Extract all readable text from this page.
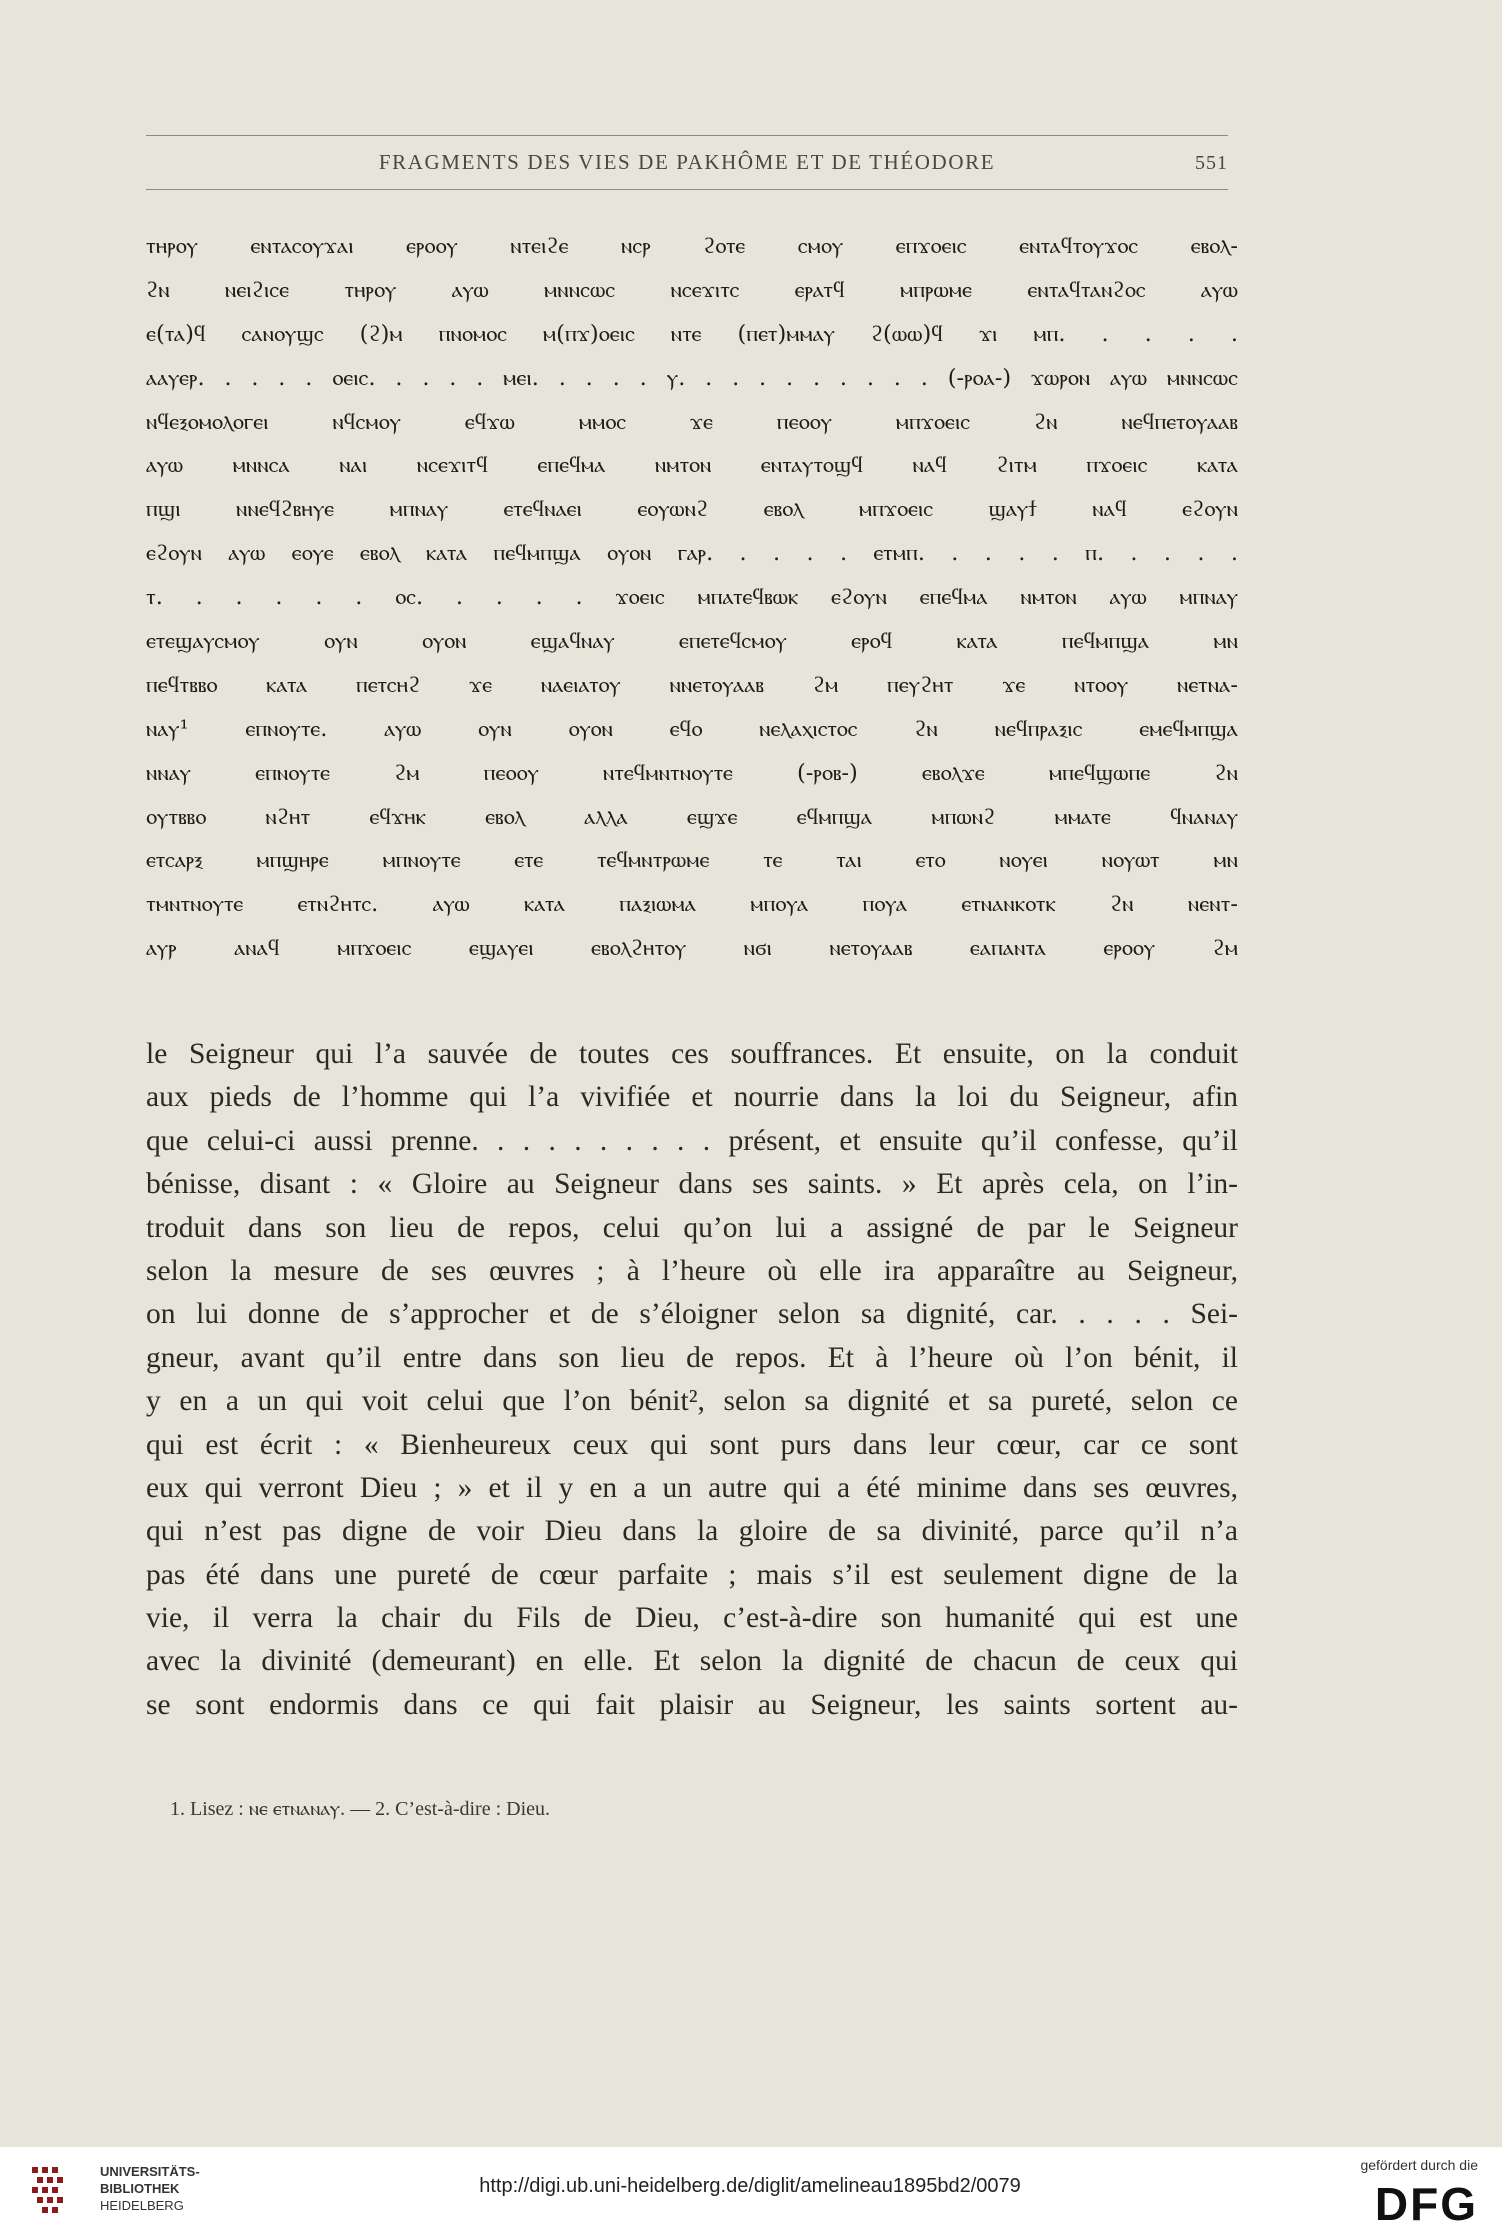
FRAGMENTS DES VIES DE PAKHÔME ET DE THÉODORE	551
ⲧⲏⲣⲟⲩ ⲉⲛⲧⲁⲥⲟⲩϫⲁⲓ ⲉⲣⲟⲟⲩ ⲛⲧⲉⲓϩⲉ ⲛⲥⲣ ϩⲟⲧⲉ ⲥⲙⲟⲩ ⲉⲡϫⲟⲉⲓⲥ ⲉⲛⲧⲁϥⲧⲟⲩϫⲟⲥ ⲉⲃⲟⲗ-
ϩⲛ ⲛⲉⲓϩⲓⲥⲉ ⲧⲏⲣⲟⲩ ⲁⲩⲱ ⲙⲛⲛⲥⲱⲥ ⲛⲥⲉϫⲓⲧⲥ ⲉⲣⲁⲧϥ ⲙⲡⲣⲱⲙⲉ ⲉⲛⲧⲁϥⲧⲁⲛϩⲟⲥ ⲁⲩⲱ
ⲉ(ⲧⲁ)ϥ ⲥⲁⲛⲟⲩϣⲥ (ϩ)ⲙ ⲡⲛⲟⲙⲟⲥ ⲙ(ⲡϫ)ⲟⲉⲓⲥ ⲛⲧⲉ (ⲡⲉⲧ)ⲙⲙⲁⲩ ϩ(ⲱⲱ)ϥ ϫⲓ ⲙⲡ. . . . .
ⲁⲁⲩⲉⲣ. . . . . ⲟⲉⲓⲥ. . . . . ⲙⲉⲓ. . . . . ⲩ. . . . . . . . . . (-ⲣⲟⲁ-) ϫⲱⲣⲟⲛ ⲁⲩⲱ ⲙⲛⲛⲥⲱⲥ
ⲛϥⲉⲝⲟⲙⲟⲗⲟⲅⲉⲓ ⲛϥⲥⲙⲟⲩ ⲉϥϫⲱ ⲙⲙⲟⲥ ϫⲉ ⲡⲉⲟⲟⲩ ⲙⲡϫⲟⲉⲓⲥ ϩⲛ ⲛⲉϥⲡⲉⲧⲟⲩⲁⲁⲃ
ⲁⲩⲱ ⲙⲛⲛⲥⲁ ⲛⲁⲓ ⲛⲥⲉϫⲓⲧϥ ⲉⲡⲉϥⲙⲁ ⲛⲙⲧⲟⲛ ⲉⲛⲧⲁⲩⲧⲟϣϥ ⲛⲁϥ ϩⲓⲧⲙ ⲡϫⲟⲉⲓⲥ ⲕⲁⲧⲁ
ⲡϣⲓ ⲛⲛⲉϥϩⲃⲏⲩⲉ ⲙⲡⲛⲁⲩ ⲉⲧⲉϥⲛⲁⲉⲓ ⲉⲟⲩⲱⲛϩ ⲉⲃⲟⲗ ⲙⲡϫⲟⲉⲓⲥ ϣⲁⲩϯ ⲛⲁϥ ⲉϩⲟⲩⲛ
ⲉϩⲟⲩⲛ ⲁⲩⲱ ⲉⲟⲩⲉ ⲉⲃⲟⲗ ⲕⲁⲧⲁ ⲡⲉϥⲙⲡϣⲁ ⲟⲩⲟⲛ ⲅⲁⲣ. . . . . ⲉⲧⲙⲡ. . . . . ⲡ. . . . .
ⲧ. . . . . . ⲟⲥ. . . . . ϫⲟⲉⲓⲥ ⲙⲡⲁⲧⲉϥⲃⲱⲕ ⲉϩⲟⲩⲛ ⲉⲡⲉϥⲙⲁ ⲛⲙⲧⲟⲛ ⲁⲩⲱ ⲙⲡⲛⲁⲩ
ⲉⲧⲉϣⲁⲩⲥⲙⲟⲩ ⲟⲩⲛ ⲟⲩⲟⲛ ⲉϣⲁϥⲛⲁⲩ ⲉⲡⲉⲧⲉϥⲥⲙⲟⲩ ⲉⲣⲟϥ ⲕⲁⲧⲁ ⲡⲉϥⲙⲡϣⲁ ⲙⲛ
ⲡⲉϥⲧⲃⲃⲟ ⲕⲁⲧⲁ ⲡⲉⲧⲥⲏϩ ϫⲉ ⲛⲁⲉⲓⲁⲧⲟⲩ ⲛⲛⲉⲧⲟⲩⲁⲁⲃ ϩⲙ ⲡⲉⲩϩⲏⲧ ϫⲉ ⲛⲧⲟⲟⲩ ⲛⲉⲧⲛⲁ-
ⲛⲁⲩ¹ ⲉⲡⲛⲟⲩⲧⲉ. ⲁⲩⲱ ⲟⲩⲛ ⲟⲩⲟⲛ ⲉϥⲟ ⲛⲉⲗⲁⲭⲓⲥⲧⲟⲥ ϩⲛ ⲛⲉϥⲡⲣⲁⲝⲓⲥ ⲉⲙⲉϥⲙⲡϣⲁ
ⲛⲛⲁⲩ ⲉⲡⲛⲟⲩⲧⲉ ϩⲙ ⲡⲉⲟⲟⲩ ⲛⲧⲉϥⲙⲛⲧⲛⲟⲩⲧⲉ (-ⲣⲟⲃ-) ⲉⲃⲟⲗϫⲉ ⲙⲡⲉϥϣⲱⲡⲉ ϩⲛ
ⲟⲩⲧⲃⲃⲟ ⲛϩⲏⲧ ⲉϥϫⲏⲕ ⲉⲃⲟⲗ ⲁⲗⲗⲁ ⲉϣϫⲉ ⲉϥⲙⲡϣⲁ ⲙⲡⲱⲛϩ ⲙⲙⲁⲧⲉ ϥⲛⲁⲛⲁⲩ
ⲉⲧⲥⲁⲣⲝ ⲙⲡϣⲏⲣⲉ ⲙⲡⲛⲟⲩⲧⲉ ⲉⲧⲉ ⲧⲉϥⲙⲛⲧⲣⲱⲙⲉ ⲧⲉ ⲧⲁⲓ ⲉⲧⲟ ⲛⲟⲩⲉⲓ ⲛⲟⲩⲱⲧ ⲙⲛ
ⲧⲙⲛⲧⲛⲟⲩⲧⲉ ⲉⲧⲛϩⲏⲧⲥ. ⲁⲩⲱ ⲕⲁⲧⲁ ⲡⲁⲝⲓⲱⲙⲁ ⲙⲡⲟⲩⲁ ⲡⲟⲩⲁ ⲉⲧⲛⲁⲛⲕⲟⲧⲕ ϩⲛ ⲛⲉⲛⲧ-
ⲁⲩⲣ ⲁⲛⲁϥ ⲙⲡϫⲟⲉⲓⲥ ⲉϣⲁⲩⲉⲓ ⲉⲃⲟⲗϩⲏⲧⲟⲩ ⲛϭⲓ ⲛⲉⲧⲟⲩⲁⲁⲃ ⲉⲁⲡⲁⲛⲧⲁ ⲉⲣⲟⲟⲩ ϩⲙ
le Seigneur qui l’a sauvée de toutes ces souffrances. Et ensuite, on la conduit
aux pieds de l’homme qui l’a vivifiée et nourrie dans la loi du Seigneur, afin
que celui-ci aussi prenne. . . . . . . . . . présent, et ensuite qu’il confesse, qu’il
bénisse, disant : « Gloire au Seigneur dans ses saints. » Et après cela, on l’in-
troduit dans son lieu de repos, celui qu’on lui a assigné de par le Seigneur
selon la mesure de ses œuvres ; à l’heure où elle ira apparaître au Seigneur,
on lui donne de s’approcher et de s’éloigner selon sa dignité, car. . . . . Sei-
gneur, avant qu’il entre dans son lieu de repos. Et à l’heure où l’on bénit, il
y en a un qui voit celui que l’on bénit², selon sa dignité et sa pureté, selon ce
qui est écrit : « Bienheureux ceux qui sont purs dans leur cœur, car ce sont
eux qui verront Dieu ; » et il y en a un autre qui a été minime dans ses œuvres,
qui n’est pas digne de voir Dieu dans la gloire de sa divinité, parce qu’il n’a
pas été dans une pureté de cœur parfaite ; mais s’il est seulement digne de la
vie, il verra la chair du Fils de Dieu, c’est-à-dire son humanité qui est une
avec la divinité (demeurant) en elle. Et selon la dignité de chacun de ceux qui
se sont endormis dans ce qui fait plaisir au Seigneur, les saints sortent au-
1. Lisez : ⲛⲉ ⲉⲧⲛⲁⲛⲁⲩ. — 2. C’est-à-dire : Dieu.
UNIVERSITÄTS-
BIBLIOTHEK
HEIDELBERG
http://digi.ub.uni-heidelberg.de/diglit/amelineau1895bd2/0079
gefördert durch die
DFG
